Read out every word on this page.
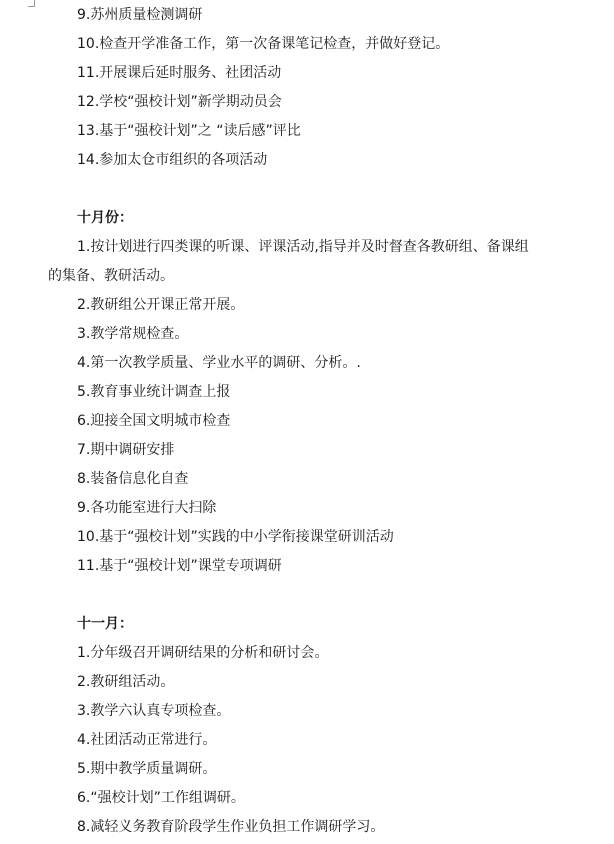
9.苏州质量检测调研
10.检查开学准备工作，第一次备课笔记检查，并做好登记。
11.开展课后延时服务、社团活动
12.学校“强校计划”新学期动员会
13.基于“强校计划”之 “读后感”评比
14.参加太仓市组织的各项活动
十月份：
1.按计划进行四类课的听课、评课活动,指导并及时督查各教研组、备课组
的集备、教研活动。
2.教研组公开课正常开展。
3.教学常规检查。
4.第一次教学质量、学业水平的调研、分析。.
5.教育事业统计调查上报
6.迎接全国文明城市检查
7.期中调研安排
8.装备信息化自查
9.各功能室进行大扫除
10.基于“强校计划”实践的中小学衔接课堂研训活动
11.基于“强校计划”课堂专项调研
十一月：
1.分年级召开调研结果的分析和研讨会。
2.教研组活动。
3.教学六认真专项检查。
4.社团活动正常进行。
5.期中教学质量调研。
6.“强校计划”工作组调研。
8.减轻义务教育阶段学生作业负担工作调研学习。
